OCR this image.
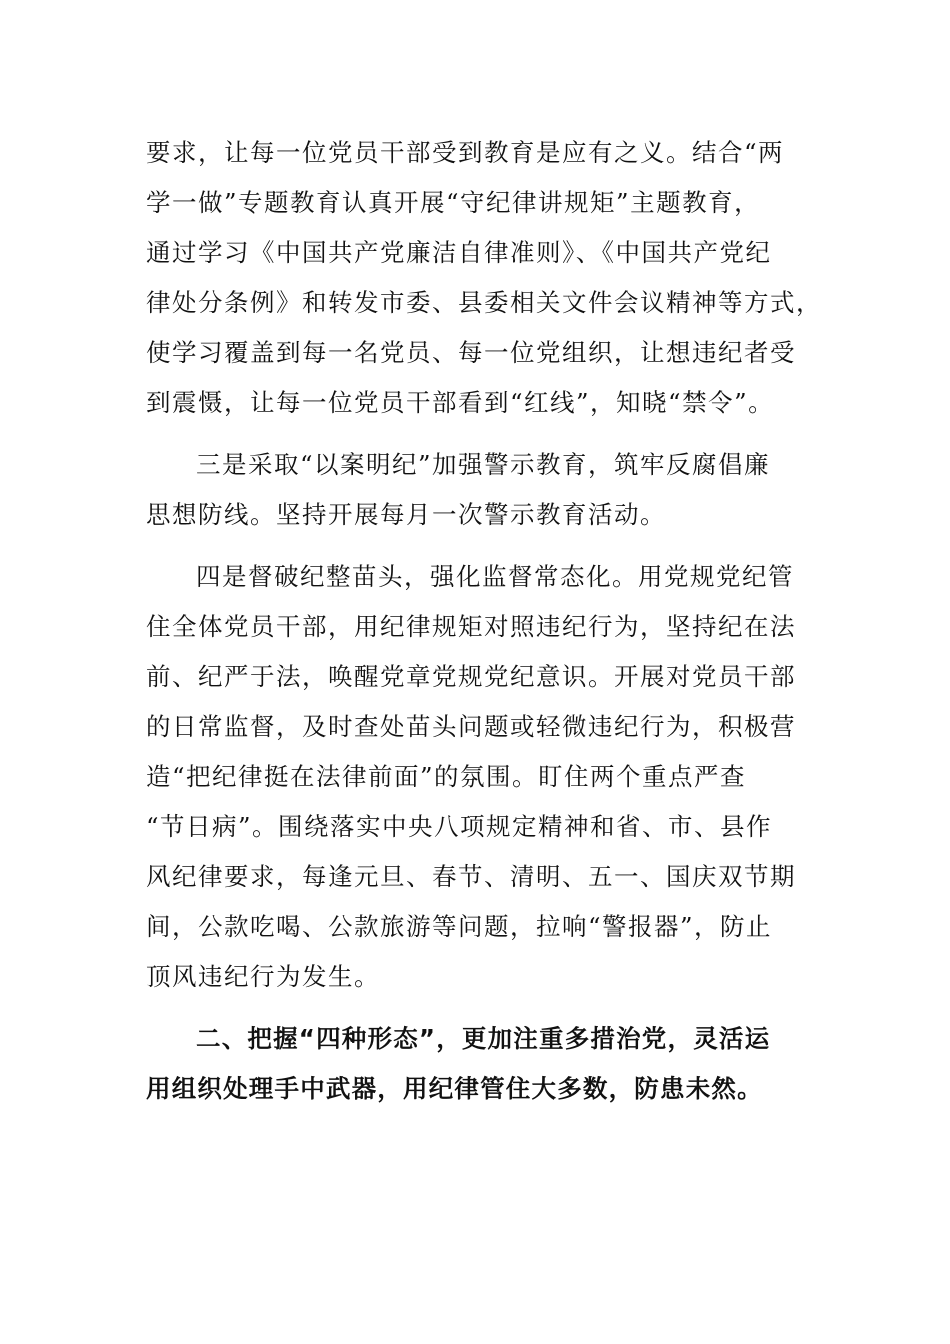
要求，让每一位党员干部受到教育是应有之义。结合“两
学一做”专题教育认真开展“守纪律讲规矩”主题教育，
通过学习《中国共产党廉洁自律准则》、《中国共产党纪
律处分条例》和转发市委、县委相关文件会议精神等方式，
使学习覆盖到每一名党员、每一位党组织，让想违纪者受
到震慑，让每一位党员干部看到“红线”，知晓“禁令”。
三是采取“以案明纪”加强警示教育，筑牢反腐倡廉
思想防线。坚持开展每月一次警示教育活动。
四是督破纪整苗头，强化监督常态化。用党规党纪管
住全体党员干部，用纪律规矩对照违纪行为，坚持纪在法
前、纪严于法，唤醒党章党规党纪意识。开展对党员干部
的日常监督，及时查处苗头问题或轻微违纪行为，积极营
造“把纪律挺在法律前面”的氛围。盯住两个重点严查
“节日病”。围绕落实中央八项规定精神和省、市、县作
风纪律要求，每逢元旦、春节、清明、五一、国庆双节期
间，公款吃喝、公款旅游等问题，拉响“警报器”，防止
顶风违纪行为发生。
二、把握“四种形态”，更加注重多措治党，灵活运
用组织处理手中武器，用纪律管住大多数，防患未然。
